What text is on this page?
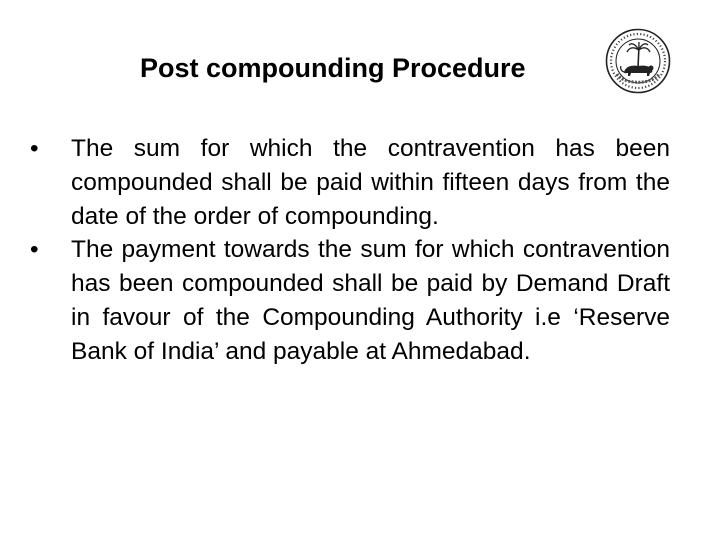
Post compounding Procedure
•	The sum for which the contravention has been compounded shall be paid within fifteen days from the date of the order of compounding.
•	The payment towards the sum for which contravention has been compounded shall be paid by Demand Draft in favour of the Compounding Authority i.e ‘Reserve Bank of India’ and payable at Ahmedabad.
